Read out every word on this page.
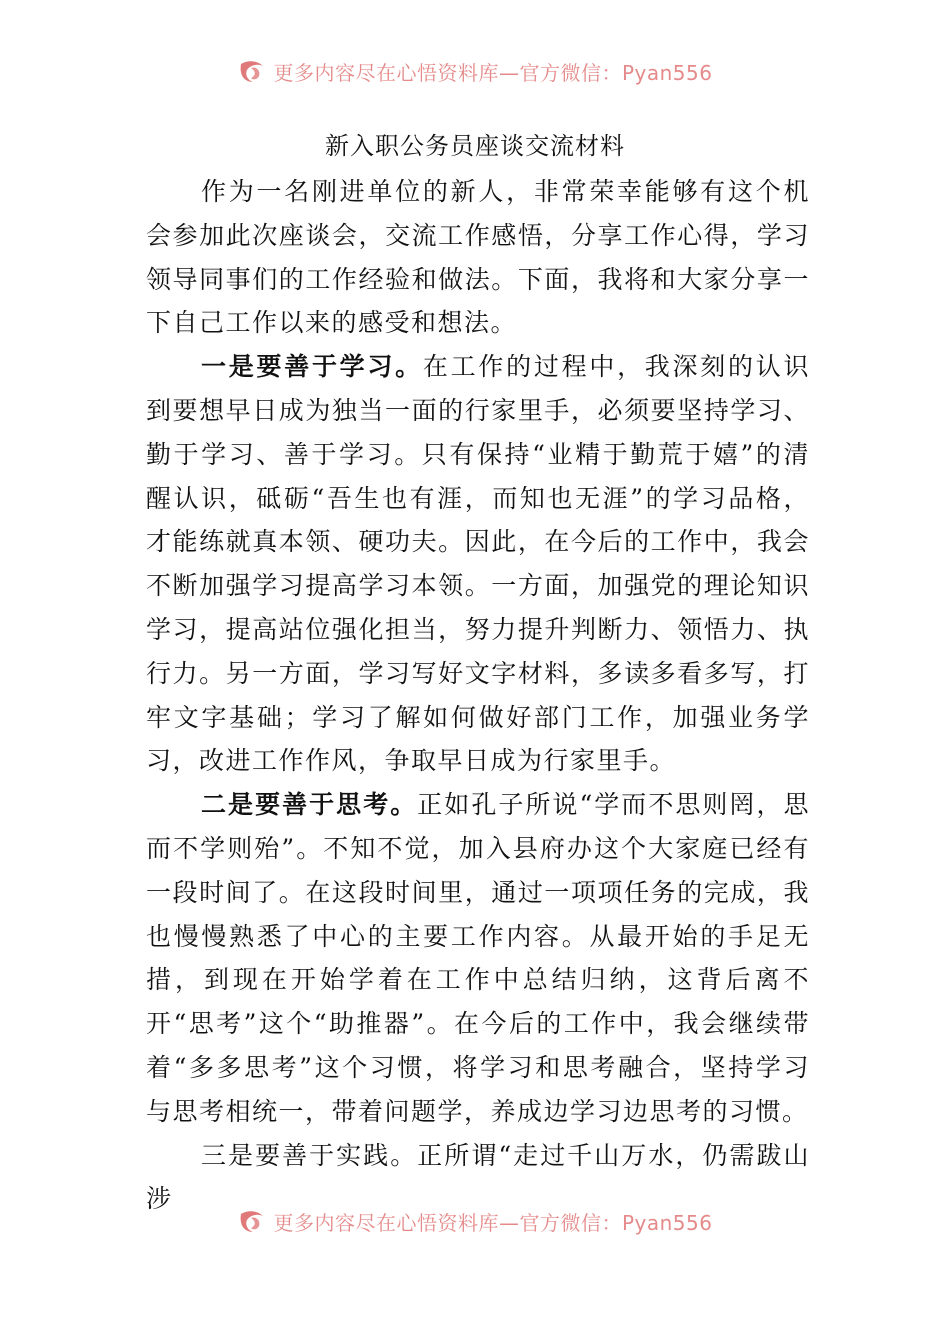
更多内容尽在心悟资料库—官方微信：Pyan556
新入职公务员座谈交流材料

作为一名刚进单位的新人，非常荣幸能够有这个机会参加此次座谈会，交流工作感悟，分享工作心得，学习领导同事们的工作经验和做法。下面，我将和大家分享一下自己工作以来的感受和想法。

一是要善于学习。在工作的过程中，我深刻的认识到要想早日成为独当一面的行家里手，必须要坚持学习、勤于学习、善于学习。只有保持“业精于勤荒于嬉”的清醒认识，砥砺“吾生也有涯，而知也无涯”的学习品格，才能练就真本领、硬功夫。因此，在今后的工作中，我会不断加强学习提高学习本领。一方面，加强党的理论知识学习，提高站位强化担当，努力提升判断力、领悟力、执行力。另一方面，学习写好文字材料，多读多看多写，打牢文字基础；学习了解如何做好部门工作，加强业务学习，改进工作作风，争取早日成为行家里手。

二是要善于思考。正如孔子所说“学而不思则罔，思而不学则殆”。不知不觉，加入县府办这个大家庭已经有一段时间了。在这段时间里，通过一项项任务的完成，我也慢慢熟悉了中心的主要工作内容。从最开始的手足无措，到现在开始学着在工作中总结归纳，这背后离不开“思考”这个“助推器”。在今后的工作中，我会继续带着“多多思考”这个习惯，将学习和思考融合，坚持学习与思考相统一，带着问题学，养成边学习边思考的习惯。

三是要善于实践。正所谓“走过千山万水，仍需跋山涉

更多内容尽在心悟资料库—官方微信：Pyan556
